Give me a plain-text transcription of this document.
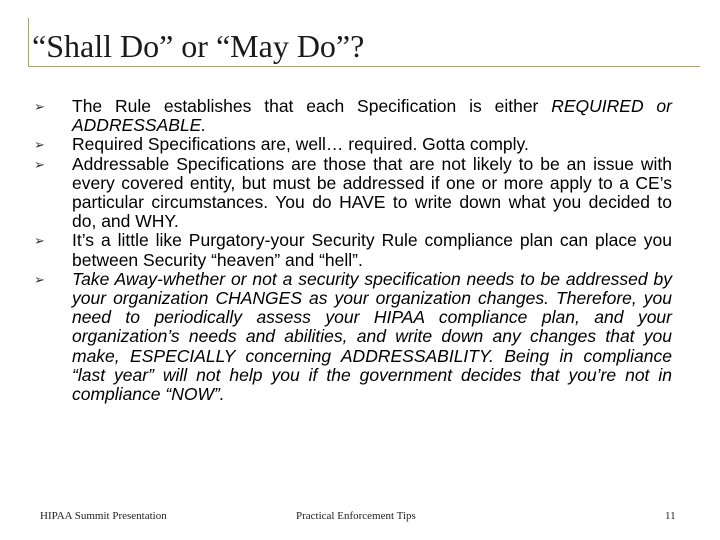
“Shall Do” or “May Do”?
➢ The Rule establishes that each Specification is either REQUIRED or ADDRESSABLE.
➢ Required Specifications are, well… required. Gotta comply.
➢ Addressable Specifications are those that are not likely to be an issue with every covered entity, but must be addressed if one or more apply to a CE’s particular circumstances. You do HAVE to write down what you decided to do, and WHY.
➢ It’s a little like Purgatory-your Security Rule compliance plan can place you between Security “heaven” and “hell”.
➢ Take Away-whether or not a security specification needs to be addressed by your organization CHANGES as your organization changes. Therefore, you need to periodically assess your HIPAA compliance plan, and your organization’s needs and abilities, and write down any changes that you make, ESPECIALLY concerning ADDRESSABILITY. Being in compliance “last year” will not help you if the government decides that you’re not in compliance “NOW”.
HIPAA Summit Presentation	Practical Enforcement Tips	11
